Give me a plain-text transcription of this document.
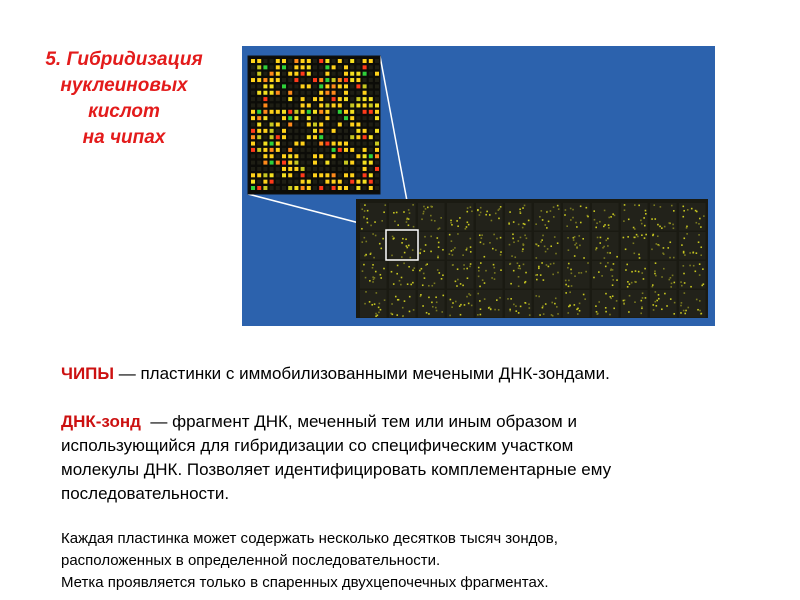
5. Гибридизация
нуклеиновых
кислот
на чипах

ЧИПЫ — пластинки с иммобилизованными мечеными ДНК-зондами.

ДНК-зонд  — фрагмент ДНК, меченный тем или иным образом и
использующийся для гибридизации со специфическим участком
молекулы ДНК. Позволяет идентифицировать комплементарные ему
последовательности.

Каждая пластинка может содержать несколько десятков тысяч зондов,
расположенных в определенной последовательности.
Метка проявляется только в спаренных двухцепочечных фрагментах.
